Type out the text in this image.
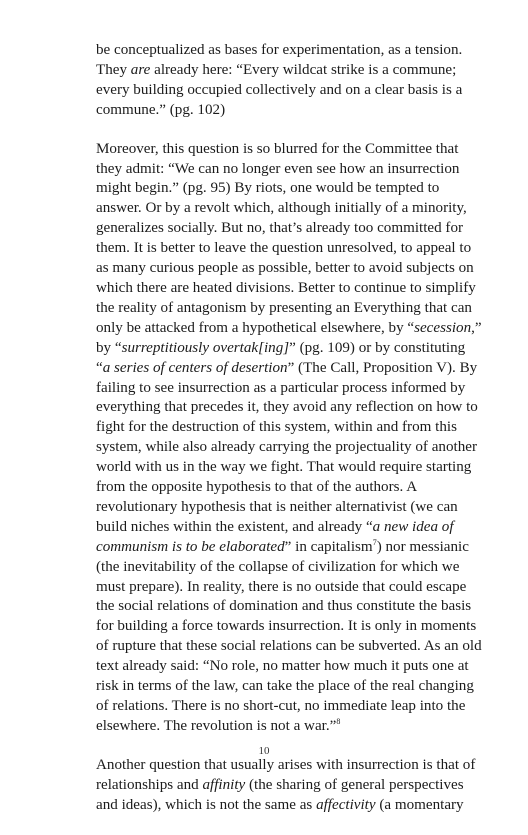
be conceptualized as bases for experimentation, as a tension. They are already here: “Every wildcat strike is a commune; every building occupied collectively and on a clear basis is a commune.” (pg. 102)

Moreover, this question is so blurred for the Committee that they admit: “We can no longer even see how an insurrection might begin.” (pg. 95) By riots, one would be tempted to answer. Or by a revolt which, although initially of a minority, generalizes socially. But no, that’s already too committed for them. It is better to leave the question unresolved, to appeal to as many curious people as possible, better to avoid subjects on which there are heated divisions. Better to continue to simplify the reality of antagonism by presenting an Everything that can only be attacked from a hypothetical elsewhere, by “secession,” by “surreptitiously overtak[ing]” (pg. 109) or by constituting “a series of centers of desertion” (The Call, Proposition V). By failing to see insurrection as a particular process informed by everything that precedes it, they avoid any reflection on how to fight for the destruction of this system, within and from this system, while also already carrying the projectuality of another world with us in the way we fight. That would require starting from the opposite hypothesis to that of the authors. A revolutionary hypothesis that is neither alternativist (we can build niches within the existent, and already “a new idea of communism is to be elaborated” in capitalism$^7$) nor messianic (the inevitability of the collapse of civilization for which we must prepare). In reality, there is no outside that could escape the social relations of domination and thus constitute the basis for building a force towards insurrection. It is only in moments of rupture that these social relations can be subverted. As an old text already said: “No role, no matter how much it puts one at risk in terms of the law, can take the place of the real changing of relations. There is no short-cut, no immediate leap into the elsewhere. The revolution is not a war.”$^8$

Another question that usually arises with insurrection is that of relationships and affinity (the sharing of general perspectives and ideas), which is not the same as affectivity (a momentary

10
